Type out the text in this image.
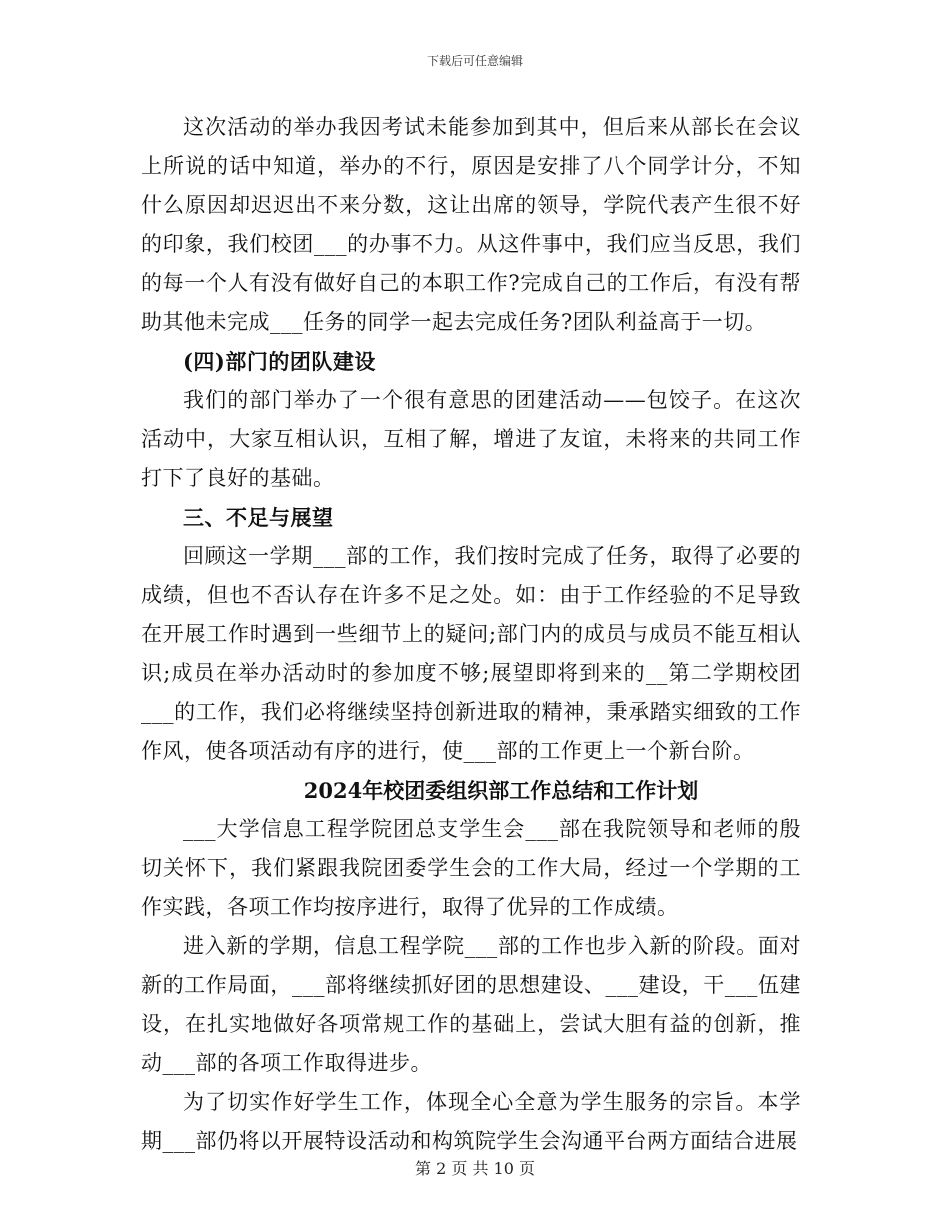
下载后可任意编辑

这次活动的举办我因考试未能参加到其中，但后来从部长在会议上所说的话中知道，举办的不行，原因是安排了八个同学计分，不知什么原因却迟迟出不来分数，这让出席的领导，学院代表产生很不好的印象，我们校团___的办事不力。从这件事中，我们应当反思，我们的每一个人有没有做好自己的本职工作?完成自己的工作后，有没有帮助其他未完成___任务的同学一起去完成任务?团队利益高于一切。

(四)部门的团队建设

我们的部门举办了一个很有意思的团建活动——包饺子。在这次活动中，大家互相认识，互相了解，增进了友谊，未将来的共同工作打下了良好的基础。

三、不足与展望

回顾这一学期___部的工作，我们按时完成了任务，取得了必要的成绩，但也不否认存在许多不足之处。如：由于工作经验的不足导致在开展工作时遇到一些细节上的疑问;部门内的成员与成员不能互相认识;成员在举办活动时的参加度不够;展望即将到来的__第二学期校团___的工作，我们必将继续坚持创新进取的精神，秉承踏实细致的工作作风，使各项活动有序的进行，使___部的工作更上一个新台阶。

2024年校团委组织部工作总结和工作计划

___大学信息工程学院团总支学生会___部在我院领导和老师的殷切关怀下，我们紧跟我院团委学生会的工作大局，经过一个学期的工作实践，各项工作均按序进行，取得了优异的工作成绩。

进入新的学期，信息工程学院___部的工作也步入新的阶段。面对新的工作局面，___部将继续抓好团的思想建设、___建设，干___伍建设，在扎实地做好各项常规工作的基础上，尝试大胆有益的创新，推动___部的各项工作取得进步。

为了切实作好学生工作，体现全心全意为学生服务的宗旨。本学期___部仍将以开展特设活动和构筑院学生会沟通平台两方面结合进展

第 2 页 共 10 页
